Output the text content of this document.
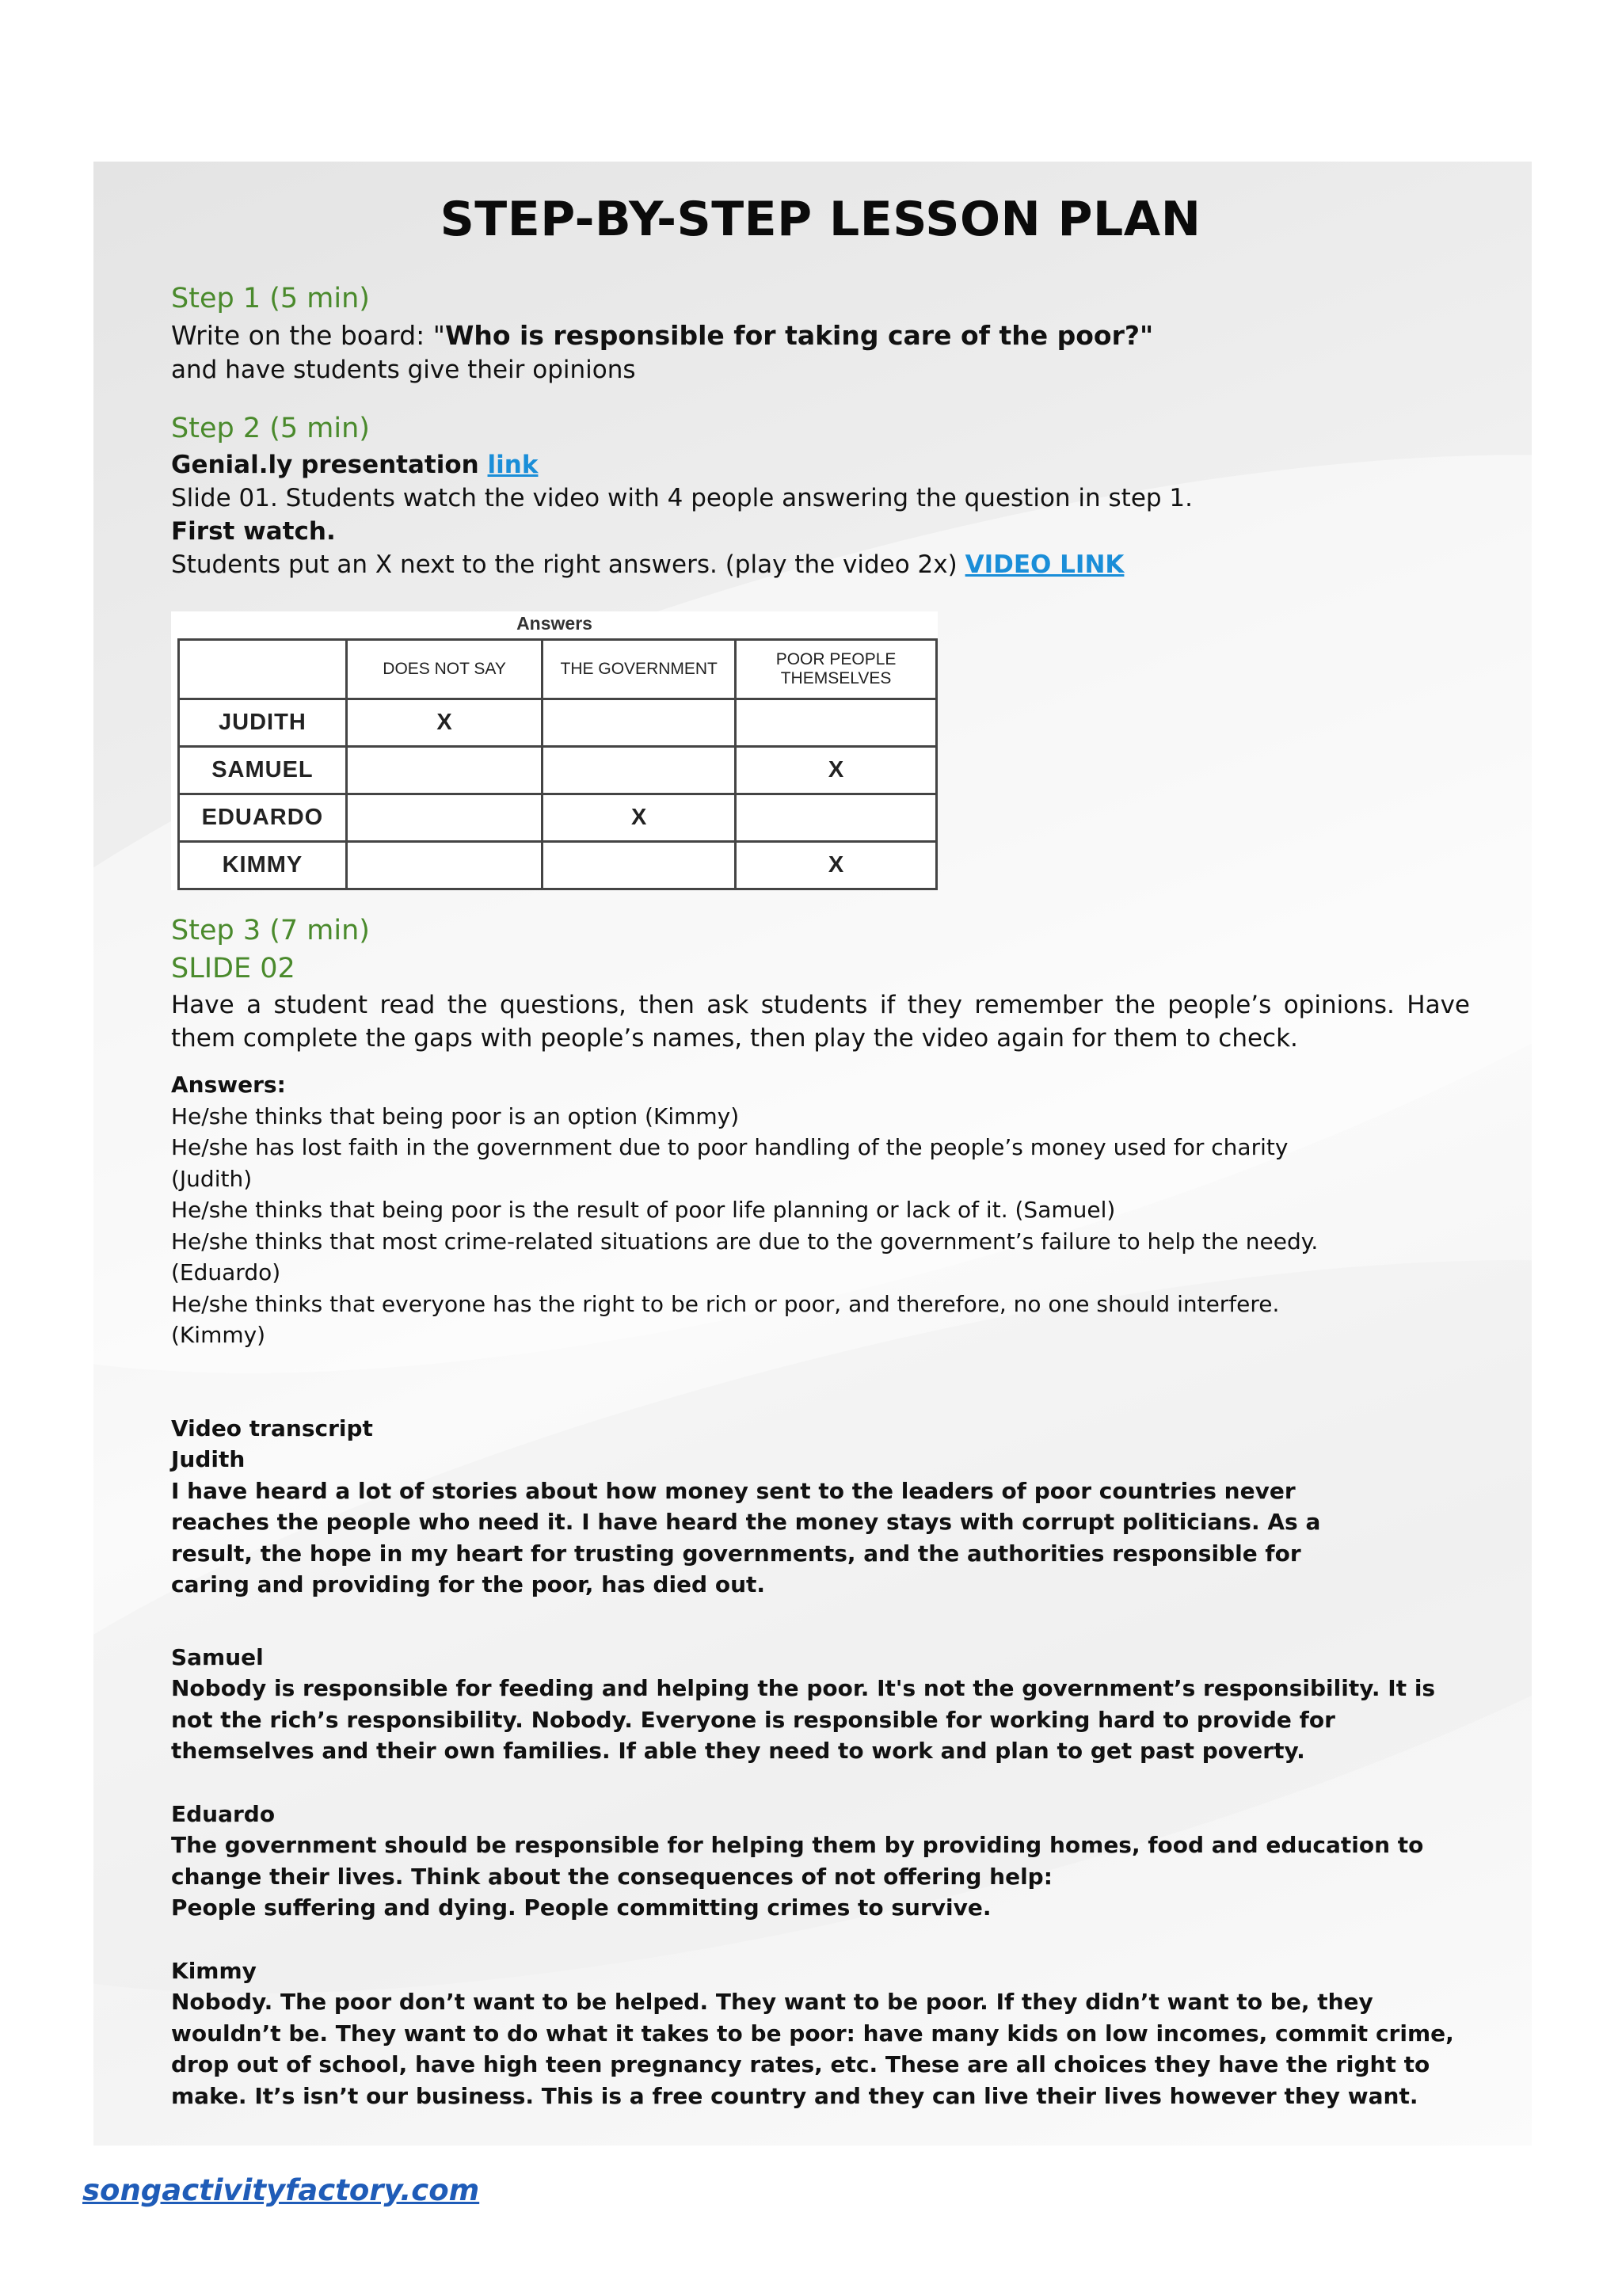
STEP-BY-STEP LESSON PLAN

Step 1 (5 min)

Write on the board: "Who is responsible for taking care of the poor?"

and have students give their opinions

Step 2 (5 min)

Genial.ly presentation link

Slide 01. Students watch the video with 4 people answering the question in step 1.

First watch.

Students put an X next to the right answers. (play the video 2x) VIDEO LINK

Answers
	DOES NOT SAY	THE GOVERNMENT	POOR PEOPLE THEMSELVES
JUDITH	X		
SAMUEL			X
EDUARDO		X	
KIMMY			X

Step 3 (7 min)

SLIDE 02

Have a student read the questions, then ask students if they remember the people’s opinions. Have them complete the gaps with people’s names, then play the video again for them to check.

Answers:

He/she thinks that being poor is an option (Kimmy)

He/she has lost faith in the government due to poor handling of the people’s money used for charity (Judith)

He/she thinks that being poor is the result of poor life planning or lack of it. (Samuel)

He/she thinks that most crime-related situations are due to the government’s failure to help the needy. (Eduardo)

He/she thinks that everyone has the right to be rich or poor, and therefore, no one should interfere. (Kimmy)

Video transcript

Judith

I have heard a lot of stories about how money sent to the leaders of poor countries never reaches the people who need it. I have heard the money stays with corrupt politicians. As a result, the hope in my heart for trusting governments, and the authorities responsible for caring and providing for the poor, has died out.

Samuel

Nobody is responsible for feeding and helping the poor. It's not the government’s responsibility. It is not the rich’s responsibility. Nobody. Everyone is responsible for working hard to provide for themselves and their own families. If able they need to work and plan to get past poverty.

Eduardo

The government should be responsible for helping them by providing homes, food and education to change their lives. Think about the consequences of not offering help:

People suffering and dying. People committing crimes to survive.

Kimmy

Nobody. The poor don’t want to be helped. They want to be poor. If they didn’t want to be, they wouldn’t be. They want to do what it takes to be poor: have many kids on low incomes, commit crime, drop out of school, have high teen pregnancy rates, etc. These are all choices they have the right to make. It’s isn’t our business. This is a free country and they can live their lives however they want.

songactivityfactory.com
